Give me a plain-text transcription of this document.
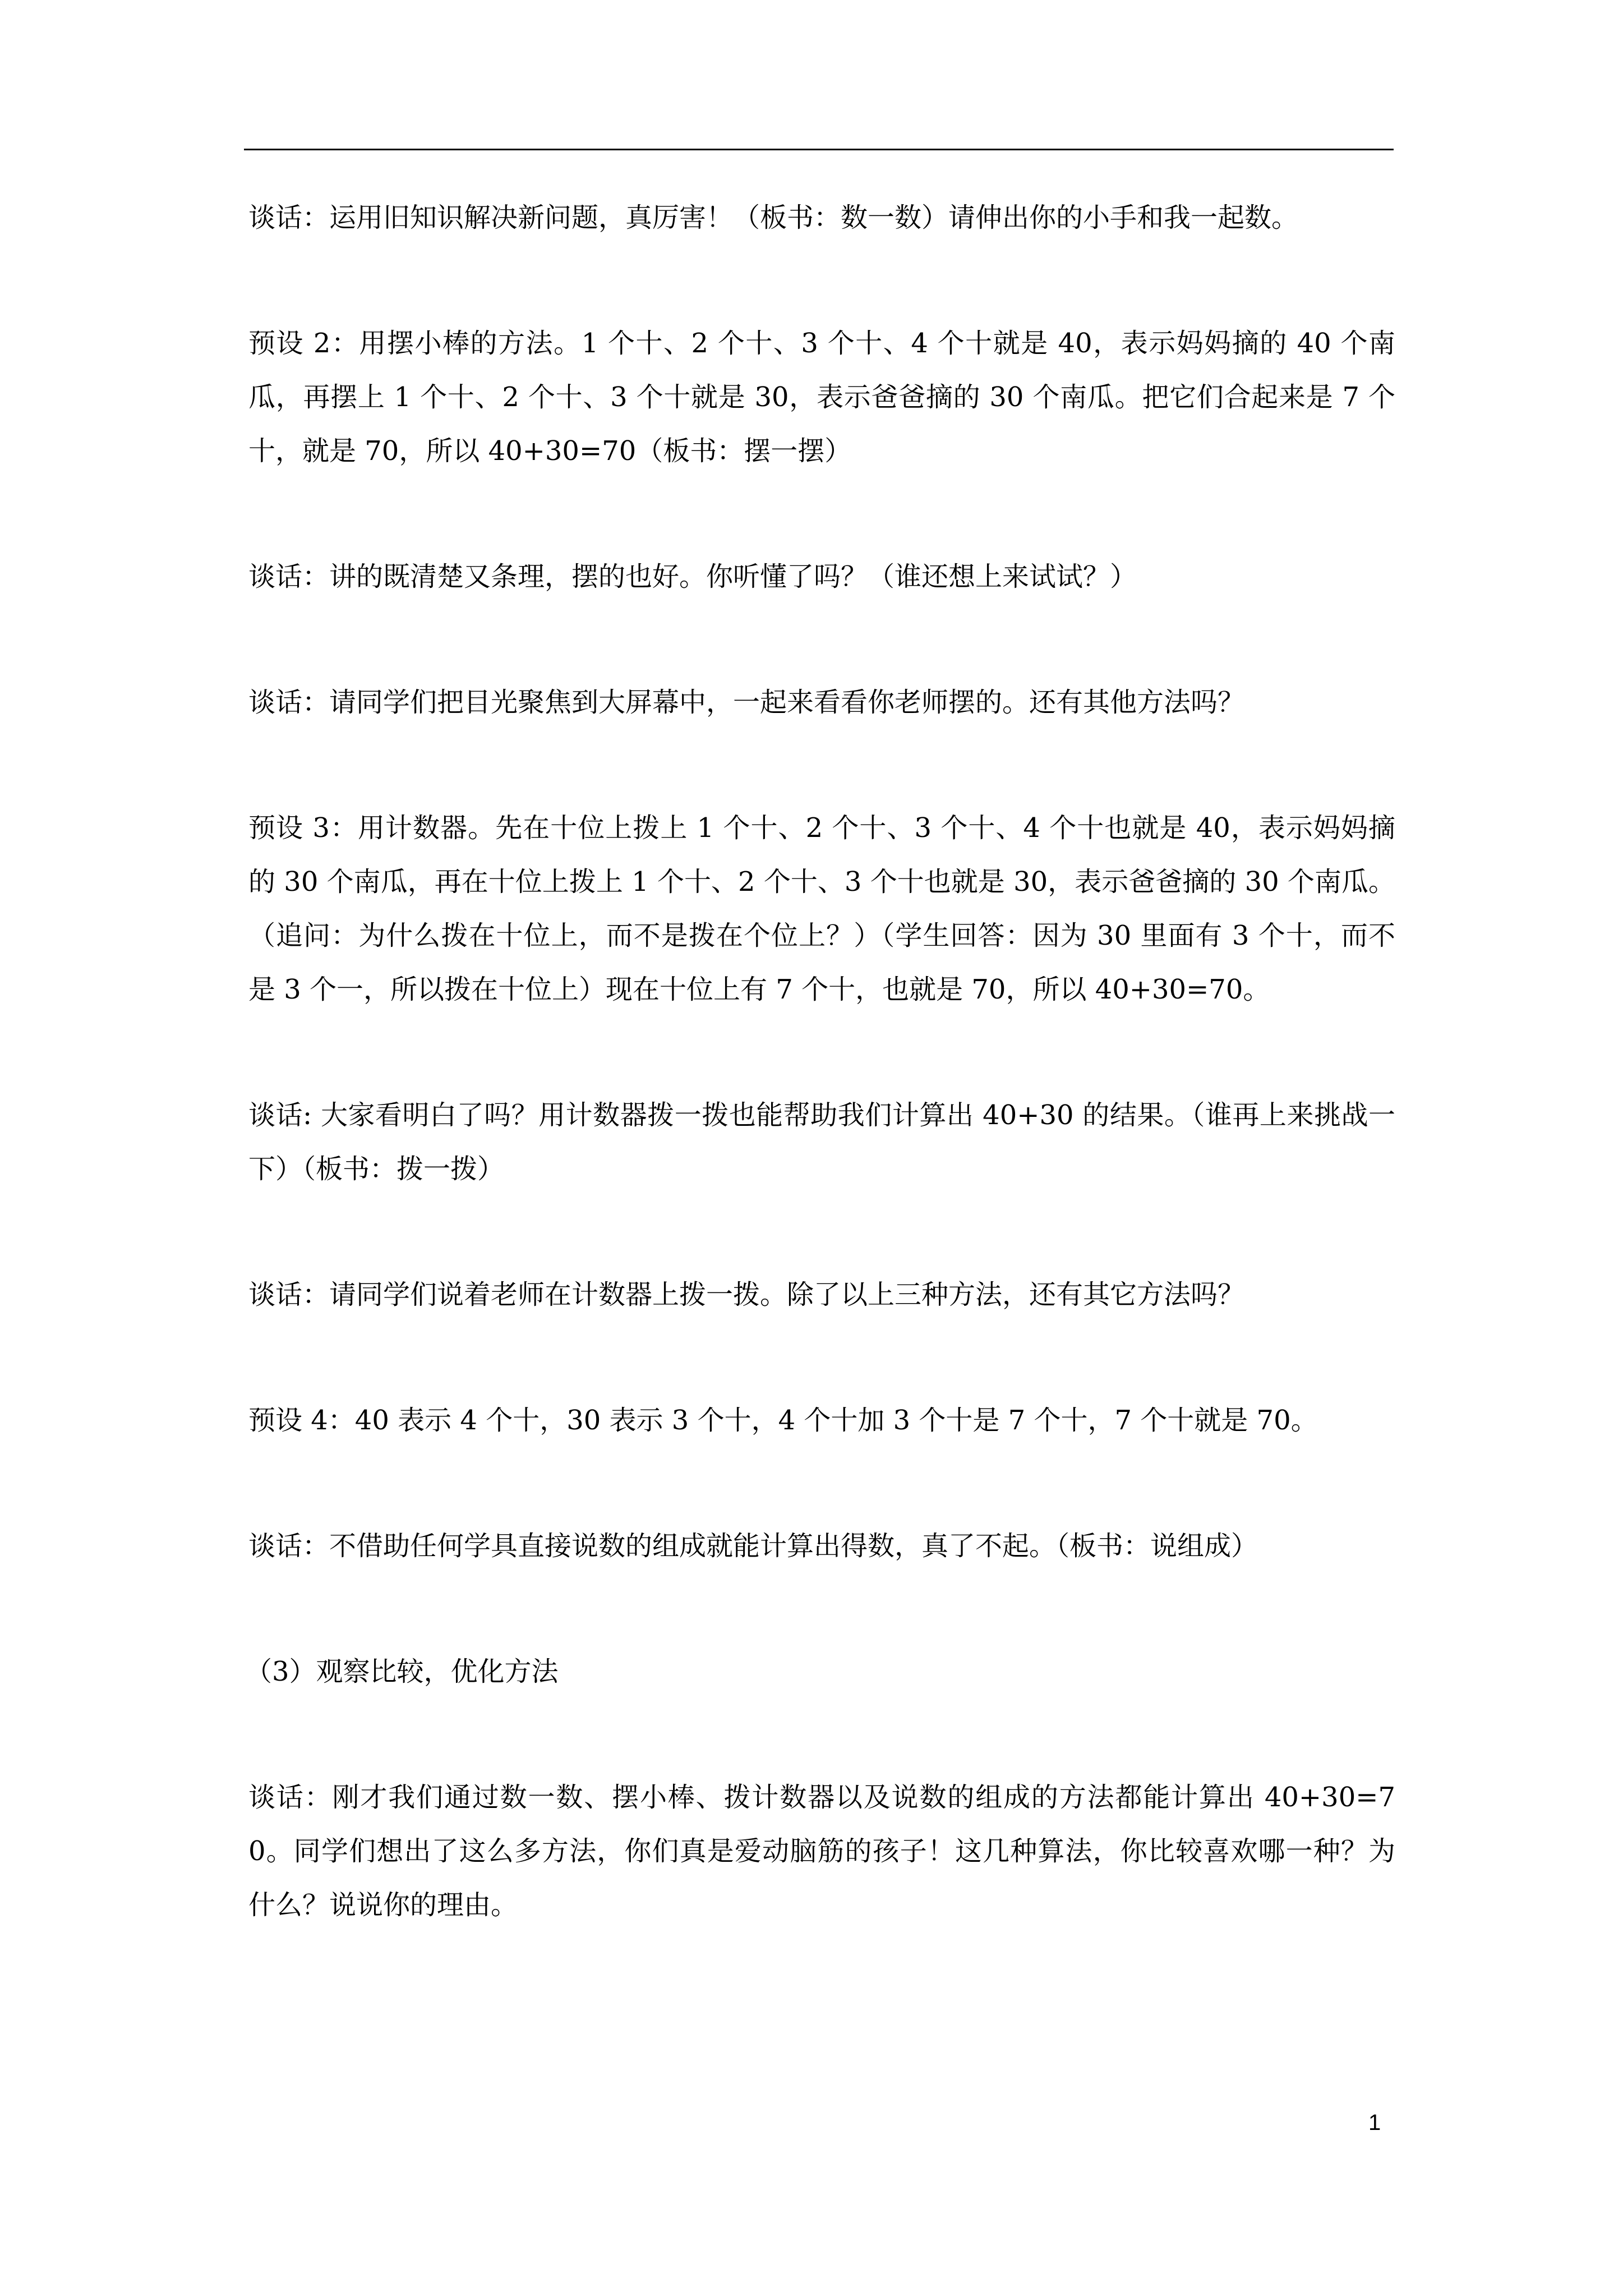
谈话：运用旧知识解决新问题，真厉害！（板书：数一数）请伸出你的小手和我一起数。

预设 2：用摆小棒的方法。1 个十、2 个十、3 个十、4 个十就是 40，表示妈妈摘的 40 个南瓜，再摆上 1 个十、2 个十、3 个十就是 30，表示爸爸摘的 30 个南瓜。把它们合起来是 7 个十，就是 70，所以 40+30=70（板书：摆一摆）

谈话：讲的既清楚又条理，摆的也好。你听懂了吗？（谁还想上来试试？）

谈话：请同学们把目光聚焦到大屏幕中，一起来看看你老师摆的。还有其他方法吗？

预设 3：用计数器。先在十位上拨上 1 个十、2 个十、3 个十、4 个十也就是 40，表示妈妈摘的 30 个南瓜，再在十位上拨上 1 个十、2 个十、3 个十也就是 30，表示爸爸摘的 30 个南瓜。（追问：为什么拨在十位上，而不是拨在个位上？）（学生回答：因为 30 里面有 3 个十，而不是 3 个一，所以拨在十位上）现在十位上有 7 个十，也就是 70，所以 40+30=70。

谈话: 大家看明白了吗？用计数器拨一拨也能帮助我们计算出 40+30 的结果。（谁再上来挑战一下）（板书：拨一拨）

谈话：请同学们说着老师在计数器上拨一拨。除了以上三种方法，还有其它方法吗？

预设 4：40 表示 4 个十，30 表示 3 个十，4 个十加 3 个十是 7 个十，7 个十就是 70。

谈话：不借助任何学具直接说数的组成就能计算出得数，真了不起。（板书：说组成）

（3）观察比较，优化方法

谈话：刚才我们通过数一数、摆小棒、拨计数器以及说数的组成的方法都能计算出 40+30=70。同学们想出了这么多方法，你们真是爱动脑筋的孩子！这几种算法，你比较喜欢哪一种？为什么？说说你的理由。

1
